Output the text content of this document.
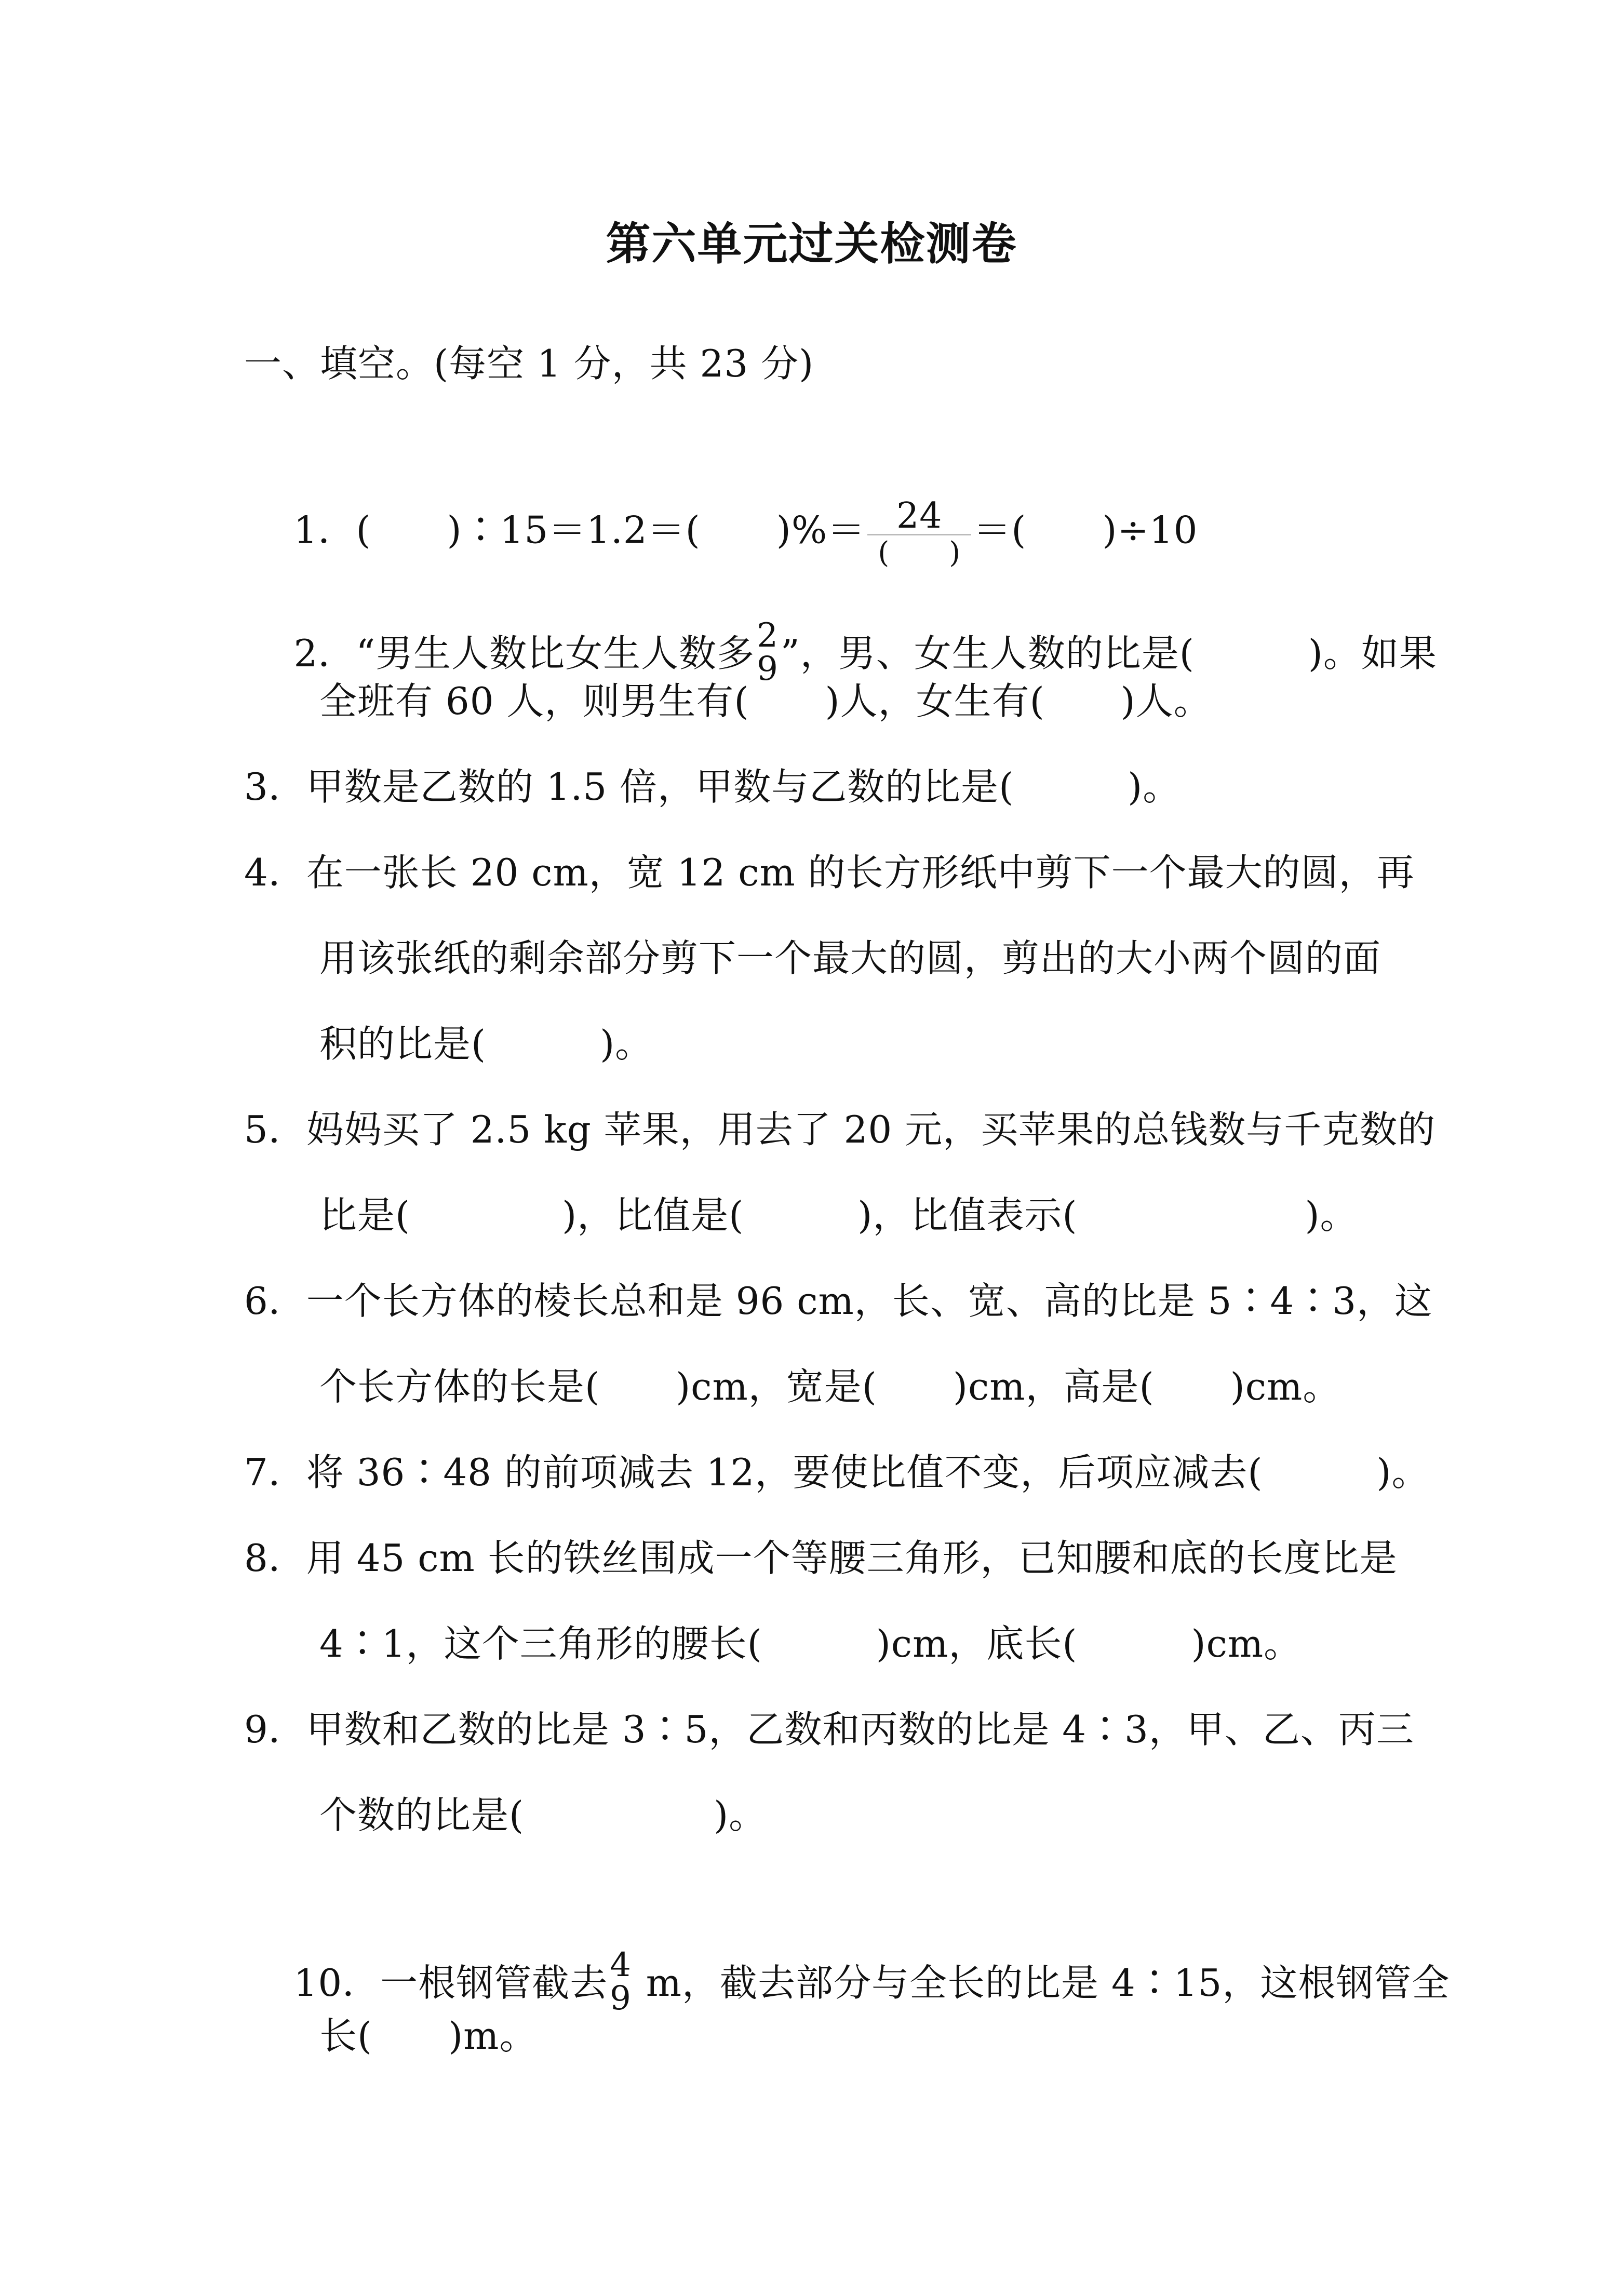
第六单元过关检测卷
一、填空。(每空 1 分，共 23 分)

1．(　　)∶15＝1.2＝(　　)%＝ $\frac{24}{( )}$ ＝(　　)÷10

2．“男生人数比女生人数多 2
9 ”，男、女生人数的比是(　　　)。如果

全班有 60 人，则男生有(　　)人，女生有(　　)人。
3．甲数是乙数的 1.5 倍，甲数与乙数的比是(　　　)。
4．在一张长 20 cm，宽 12 cm 的长方形纸中剪下一个最大的圆，再
用该张纸的剩余部分剪下一个最大的圆，剪出的大小两个圆的面
积的比是(　　　)。
5．妈妈买了 2.5 kg 苹果，用去了 20 元，买苹果的总钱数与千克数的
比是(　　　　)，比值是(　　　)，比值表示(　　　　　　)。
6．一个长方体的棱长总和是 96 cm，长、宽、高的比是 5∶4∶3，这
个长方体的长是(　　)cm，宽是(　　)cm，高是(　　)cm。
7．将 36∶48 的前项减去 12，要使比值不变，后项应减去(　　　)。
8．用 45 cm 长的铁丝围成一个等腰三角形，已知腰和底的长度比是
4∶1，这个三角形的腰长(　　　)cm，底长(　　　)cm。
9．甲数和乙数的比是 3∶5，乙数和丙数的比是 4∶3，甲、乙、丙三
个数的比是(　　　　　)。

10．一根钢管截去 4
9 m，截去部分与全长的比是 4∶15，这根钢管全

长(　　)m。
